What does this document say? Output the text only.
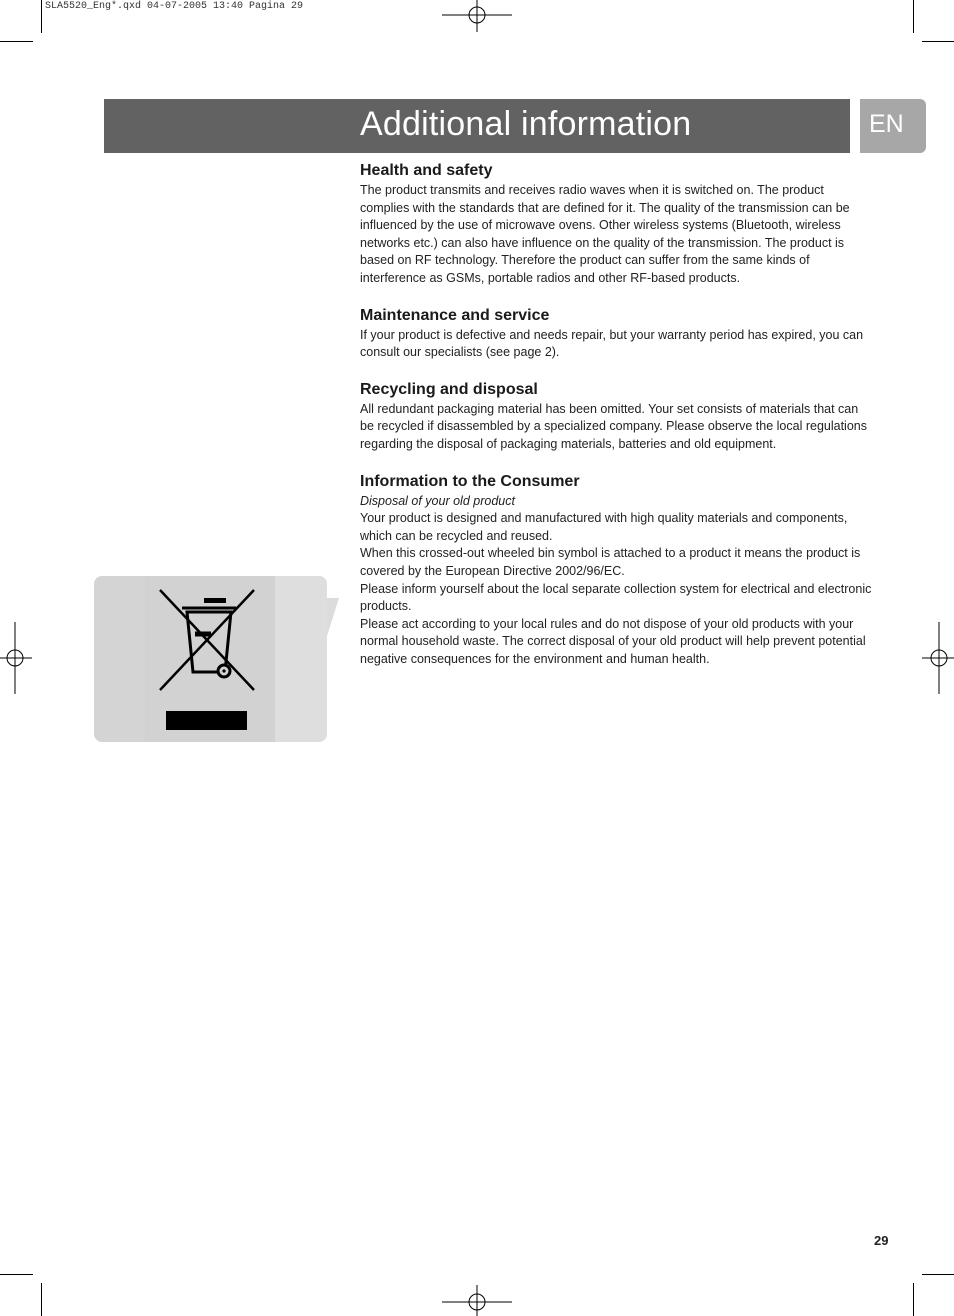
SLA5520_Eng*.qxd 04-07-2005 13:40 Pagina 29
Additional information	EN
Health and safety

The product transmits and receives radio waves when it is switched on. The product complies with the standards that are defined for it. The quality of the transmission can be influenced by the use of microwave ovens. Other wireless systems (Bluetooth, wireless networks etc.) can also have influence on the quality of the transmission. The product is based on RF technology. Therefore the product can suffer from the same kinds of interference as GSMs, portable radios and other RF-based products.

Maintenance and service

If your product is defective and needs repair, but your warranty period has expired, you can consult our specialists (see page 2).

Recycling and disposal

All redundant packaging material has been omitted. Your set consists of materials that can be recycled if disassembled by a specialized company. Please observe the local regulations regarding the disposal of packaging materials, batteries and old equipment.

Information to the Consumer

Disposal of your old product

Your product is designed and manufactured with high quality materials and components, which can be recycled and reused.

When this crossed-out wheeled bin symbol is attached to a product it means the product is covered by the European Directive 2002/96/EC.

Please inform yourself about the local separate collection system for electrical and electronic products.

Please act according to your local rules and do not dispose of your old products with your normal household waste. The correct disposal of your old product will help prevent potential negative consequences for the environment and human health.

29
